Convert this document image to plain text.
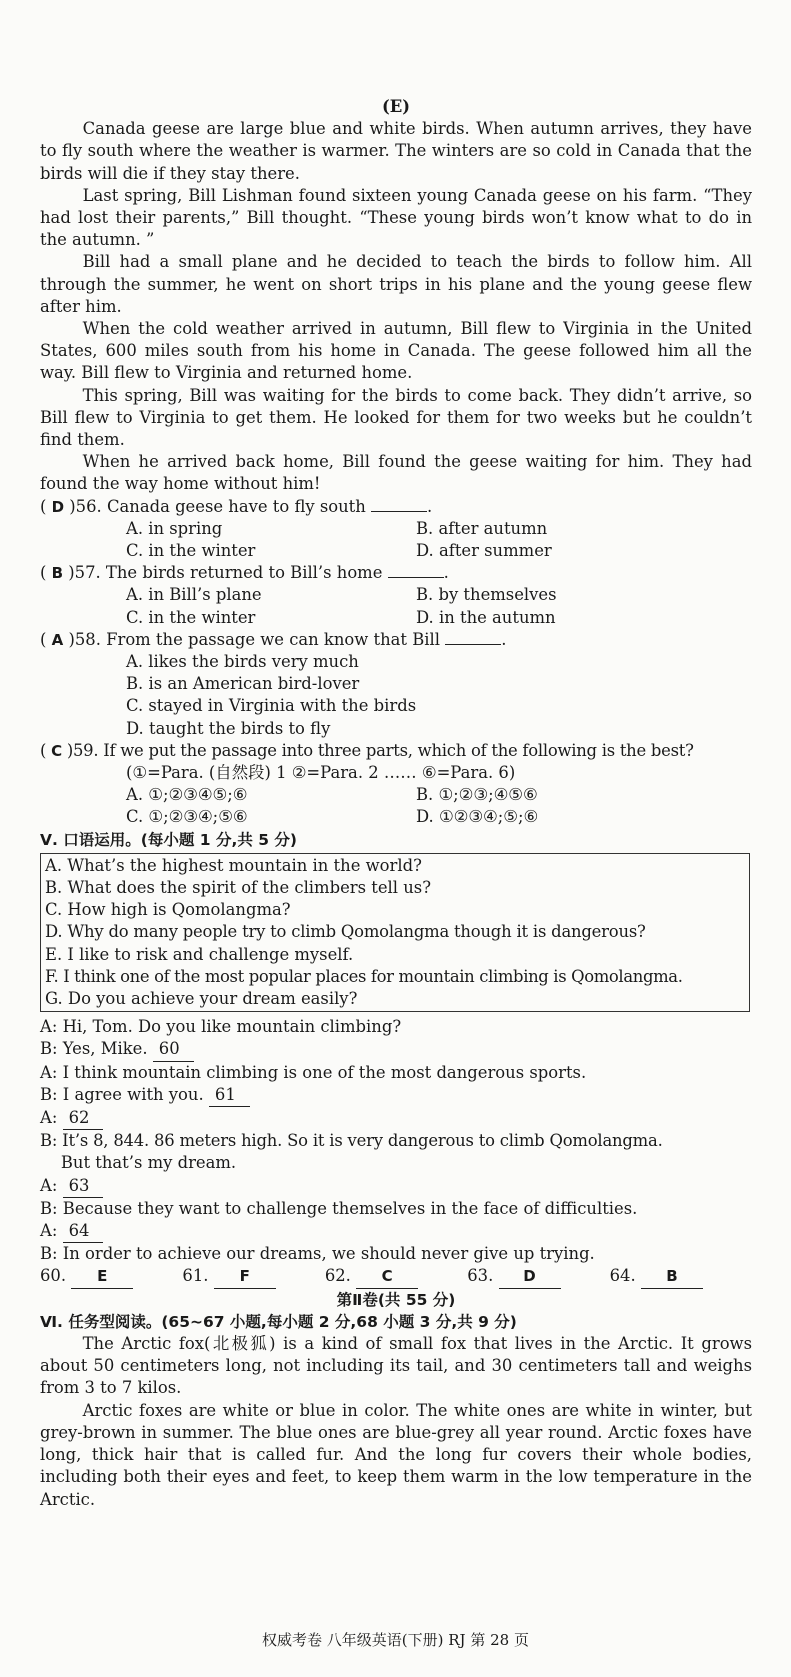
(E)

Canada geese are large blue and white birds. When autumn arrives, they have to fly south where the weather is warmer. The winters are so cold in Canada that the birds will die if they stay there.

Last spring, Bill Lishman found sixteen young Canada geese on his farm. “They had lost their parents,” Bill thought. “These young birds won’t know what to do in the autumn. ”

Bill had a small plane and he decided to teach the birds to follow him. All through the summer, he went on short trips in his plane and the young geese flew after him.

When the cold weather arrived in autumn, Bill flew to Virginia in the United States, 600 miles south from his home in Canada. The geese followed him all the way. Bill flew to Virginia and returned home.

This spring, Bill was waiting for the birds to come back. They didn’t arrive, so Bill flew to Virginia to get them. He looked for them for two weeks but he couldn’t find them.

When he arrived back home, Bill found the geese waiting for him. They had found the way home without him!

( D )56. Canada geese have to fly south	.
A. in spring	B. after autumn
C. in the winter	D. after summer
( B )57. The birds returned to Bill’s home	.
A. in Bill’s plane	B. by themselves
C. in the winter	D. in the autumn
( A )58. From the passage we can know that Bill	.
A. likes the birds very much
B. is an American bird-lover
C. stayed in Virginia with the birds
D. taught the birds to fly
( C )59. If we put the passage into three parts, which of the following is the best?
(①=Para. (自然段) 1 ②=Para. 2 …… ⑥=Para. 6)
A. ①;②③④⑤;⑥	B. ①;②③;④⑤⑥
C. ①;②③④;⑤⑥	D. ①②③④;⑤;⑥
Ⅴ. 口语运用。(每小题 1 分,共 5 分)
A. What’s the highest mountain in the world?
B. What does the spirit of the climbers tell us?
C. How high is Qomolangma?
D. Why do many people try to climb Qomolangma though it is dangerous?
E. I like to risk and challenge myself.
F. I think one of the most popular places for mountain climbing is Qomolangma.
G. Do you achieve your dream easily?
A: Hi, Tom. Do you like mountain climbing?
B: Yes, Mike. 60
A: I think mountain climbing is one of the most dangerous sports.
B: I agree with you. 61
A: 62
B: It’s 8, 844. 86 meters high. So it is very dangerous to climb Qomolangma.
But that’s my dream.
A: 63
B: Because they want to challenge themselves in the face of difficulties.
A: 64
B: In order to achieve our dreams, we should never give up trying.
60. E	61. F	62. C	63. D	64. B
第Ⅱ卷(共 55 分)
Ⅵ. 任务型阅读。(65~67 小题,每小题 2 分,68 小题 3 分,共 9 分)

The Arctic fox(北极狐) is a kind of small fox that lives in the Arctic. It grows about 50 centimeters long, not including its tail, and 30 centimeters tall and weighs from 3 to 7 kilos.

Arctic foxes are white or blue in color. The white ones are white in winter, but grey-brown in summer. The blue ones are blue-grey all year round. Arctic foxes have long, thick hair that is called fur. And the long fur covers their whole bodies, including both their eyes and feet, to keep them warm in the low temperature in the Arctic.

权威考卷 八年级英语(下册) RJ 第 28 页
